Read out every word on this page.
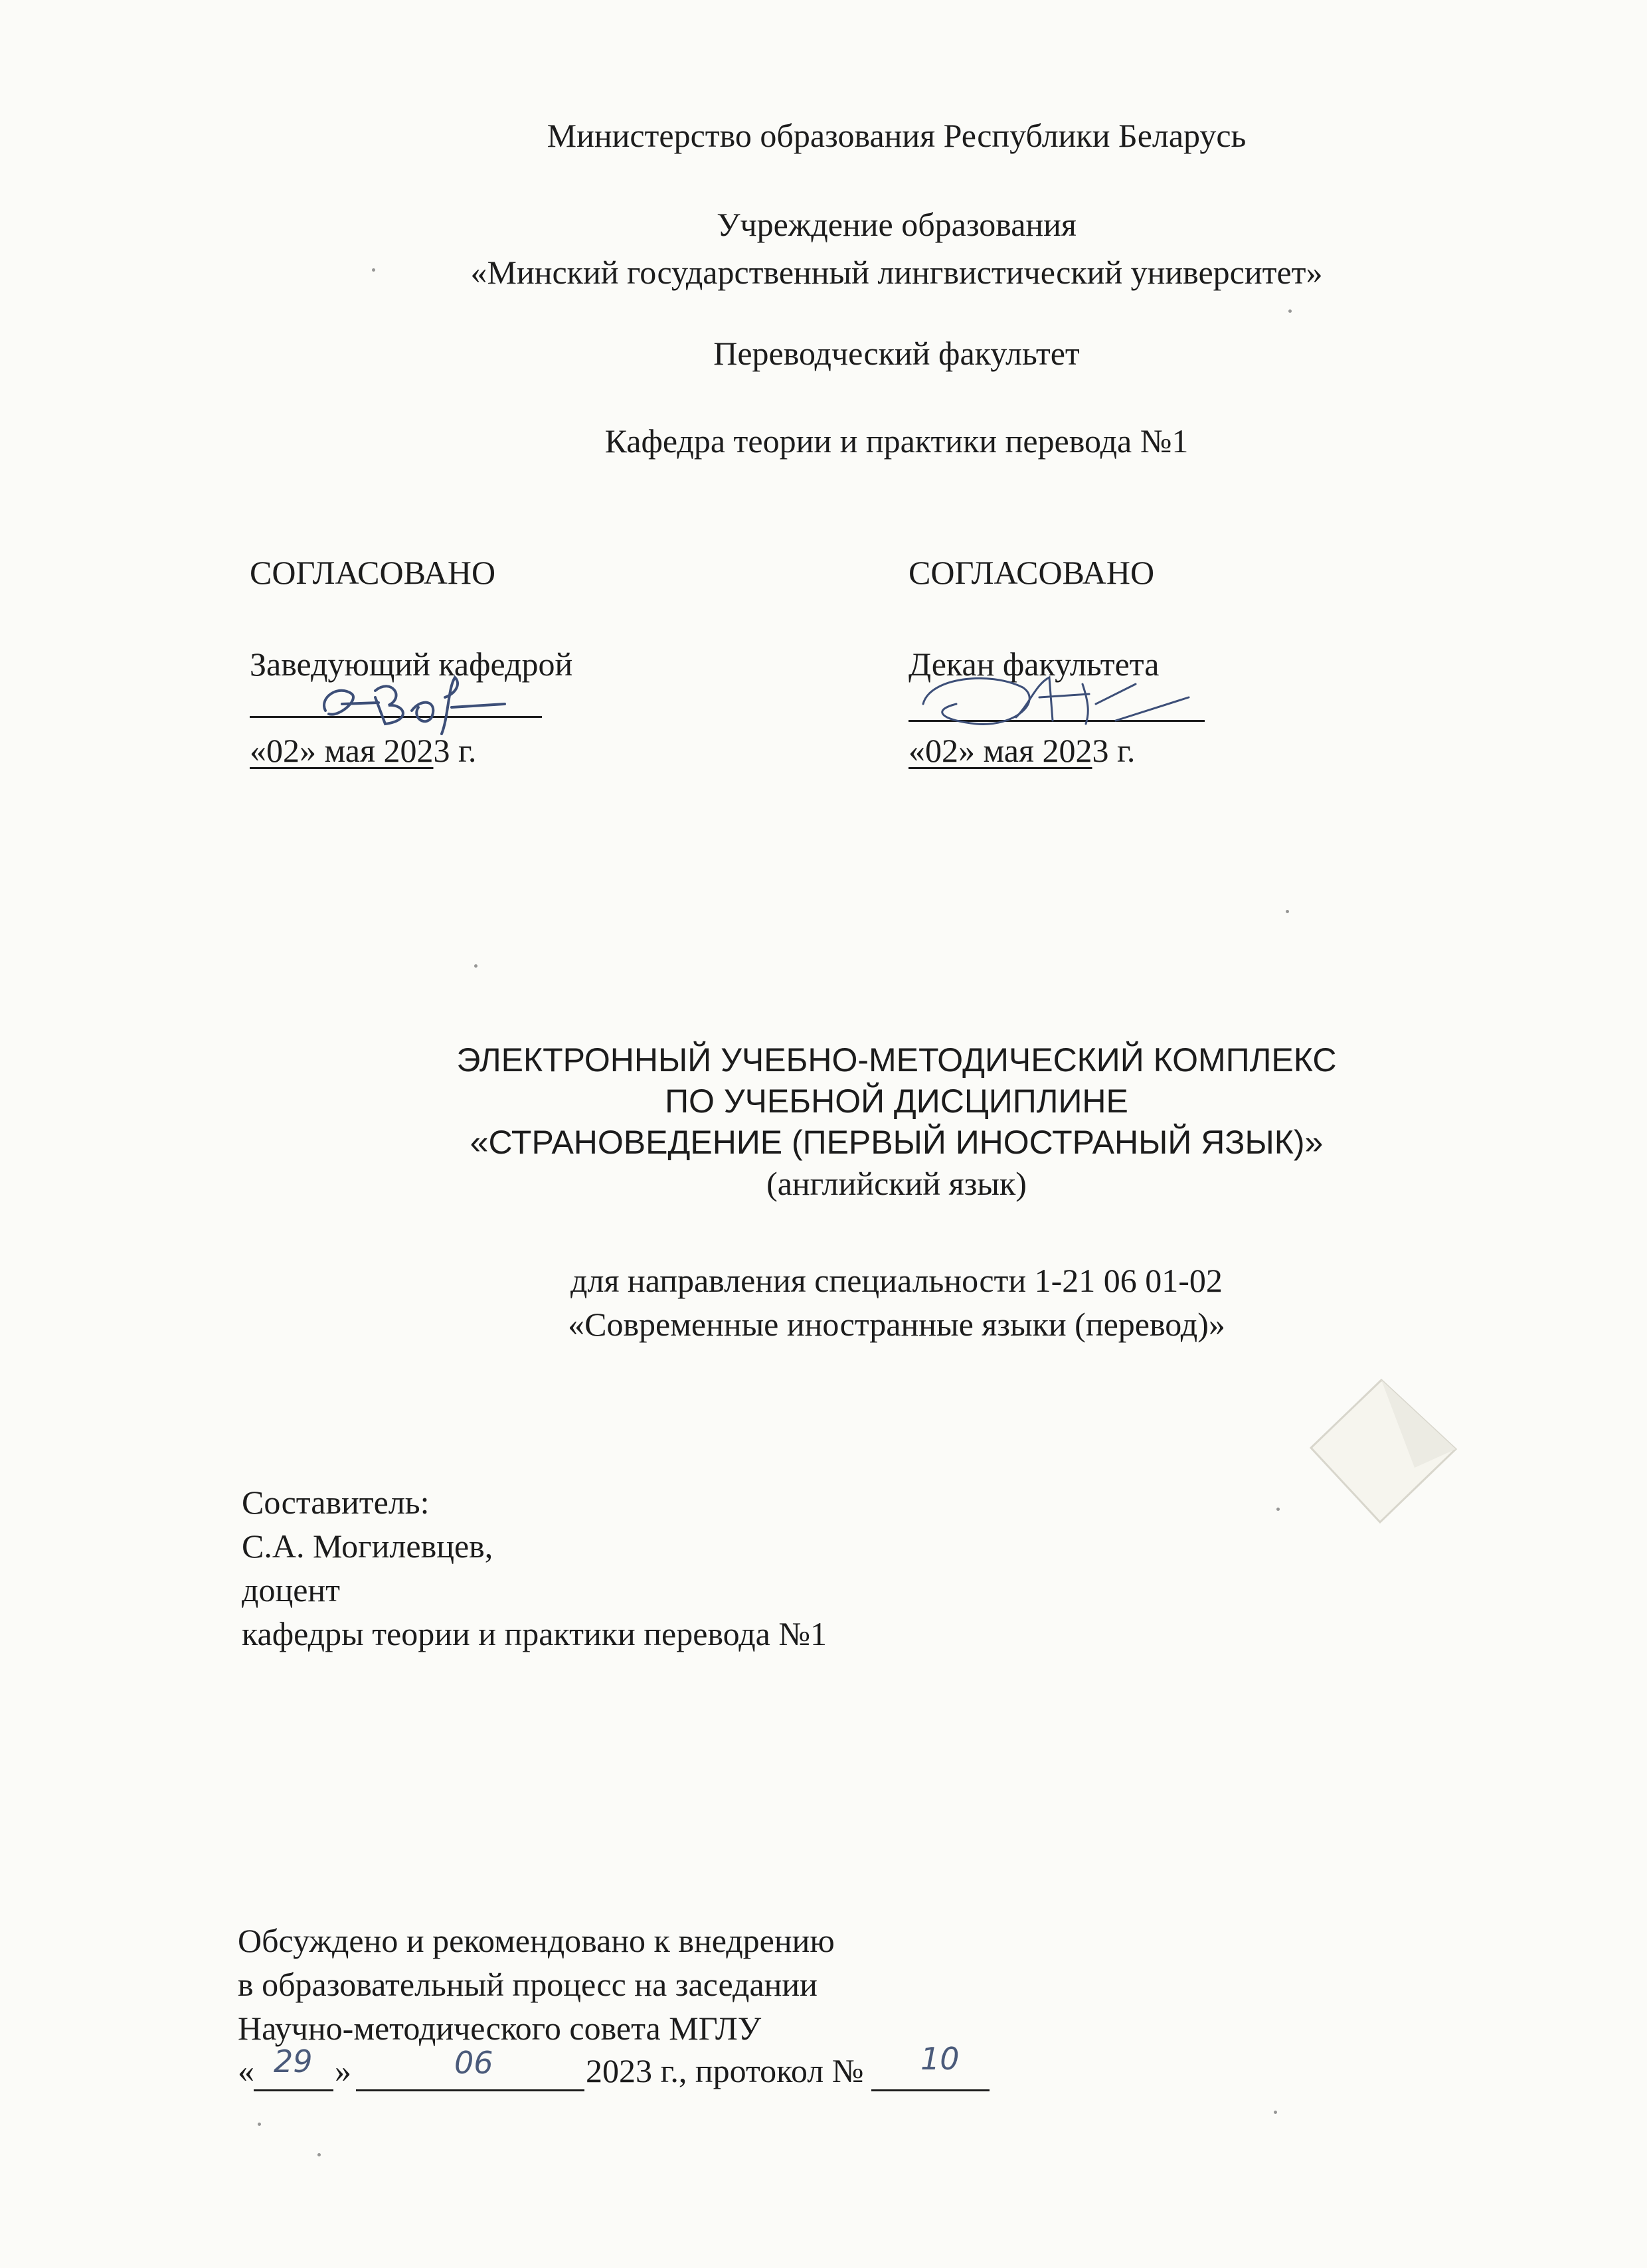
Министерство образования Республики Беларусь
Учреждение образования
«Минский государственный лингвистический университет»
Переводческий факультет
Кафедра теории и практики перевода №1
СОГЛАСОВАНО
Заведующий кафедрой
«02» мая 2023 г.
СОГЛАСОВАНО
Декан факультета
«02» мая 2023 г.
ЭЛЕКТРОННЫЙ УЧЕБНО-МЕТОДИЧЕСКИЙ КОМПЛЕКС
ПО УЧЕБНОЙ ДИСЦИПЛИНЕ
«СТРАНОВЕДЕНИЕ (ПЕРВЫЙ ИНОСТРАНЫЙ ЯЗЫК)»
(английский язык)
для направления специальности 1-21 06 01-02
«Современные иностранные языки (перевод)»
Составитель:
С.А. Могилевцев,
доцент
кафедры теории и практики перевода №1
Обсуждено и рекомендовано к внедрению
в образовательный процесс на заседании
Научно-методического совета МГЛУ
« 29 »	06	2023 г., протокол № 10
